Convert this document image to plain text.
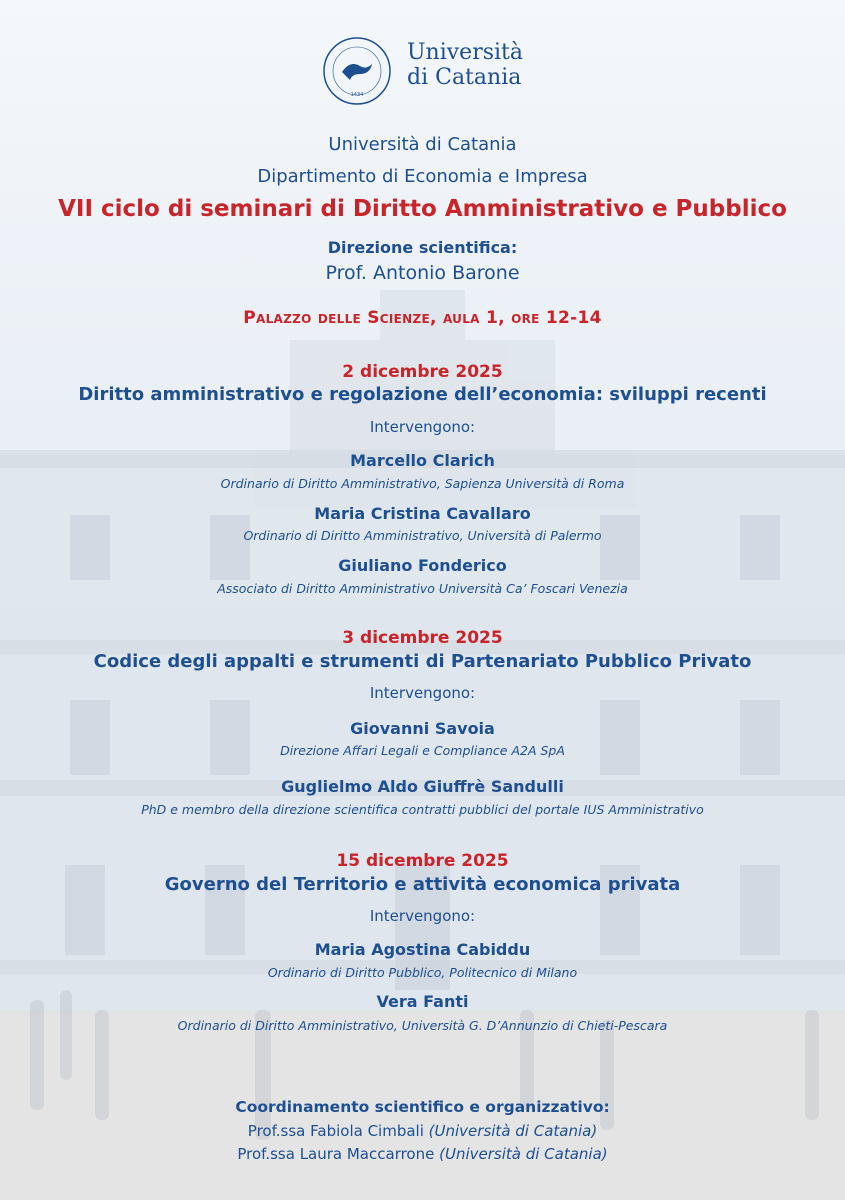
1434
Università
di Catania
Università di Catania
Dipartimento di Economia e Impresa
VII ciclo di seminari di Diritto Amministrativo e Pubblico
Direzione scientifica:
Prof. Antonio Barone
Palazzo delle Scienze, aula 1, ore 12-14
2 dicembre 2025
Diritto amministrativo e regolazione dell’economia: sviluppi recenti
Intervengono:
Marcello Clarich
Ordinario di Diritto Amministrativo, Sapienza Università di Roma
Maria Cristina Cavallaro
Ordinario di Diritto Amministrativo, Università di Palermo
Giuliano Fonderico
Associato di Diritto Amministrativo Università Ca’ Foscari Venezia
3 dicembre 2025
Codice degli appalti e strumenti di Partenariato Pubblico Privato
Intervengono:
Giovanni Savoia
Direzione Affari Legali e Compliance A2A SpA
Guglielmo Aldo Giuffrè Sandulli
PhD e membro della direzione scientifica contratti pubblici del portale IUS Amministrativo
15 dicembre 2025
Governo del Territorio e attività economica privata
Intervengono:
Maria Agostina Cabiddu
Ordinario di Diritto Pubblico, Politecnico di Milano
Vera Fanti
Ordinario di Diritto Amministrativo, Università G. D’Annunzio di Chieti-Pescara
Coordinamento scientifico e organizzativo:
Prof.ssa Fabiola Cimbali (Università di Catania)
Prof.ssa Laura Maccarrone (Università di Catania)
